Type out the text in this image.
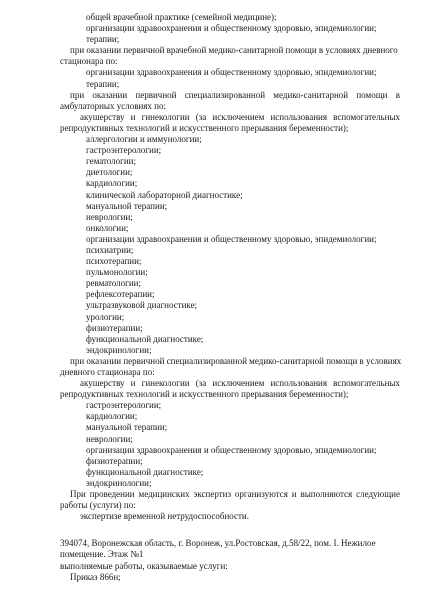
общей врачебной практике (семейной медицине);
организации здравоохранения и общественному здоровью, эпидемиологии;
терапии;
при оказании первичной врачебной медико-санитарной помощи в условиях дневного
стационара по:
организации здравоохранения и общественному здоровью, эпидемиологии;
терапии;
при оказании первичной специализированной медико-санитарной помощи в
амбулаторных условиях по:
акушерству и гинекологии (за исключением использования вспомогательных
репродуктивных технологий и искусственного прерывания беременности);
аллергологии и иммунологии;
гастроэнтерологии;
гематологии;
диетологии;
кардиологии;
клинической лабораторной диагностике;
мануальной терапии;
неврологии;
онкологии;
организации здравоохранения и общественному здоровью, эпидемиологии;
психиатрии;
психотерапии;
пульмонологии;
ревматологии;
рефлексотерапии;
ультразвуковой диагностике;
урологии;
физиотерапии;
функциональной диагностике;
эндокринологии;
при оказании первичной специализированной медико-санитарной помощи в условиях
дневного стационара по:
акушерству и гинекологии (за исключением использования вспомогательных
репродуктивных технологий и искусственного прерывания беременности);
гастроэнтерологии;
кардиологии;
мануальной терапии;
неврологии;
организации здравоохранения и общественному здоровью, эпидемиологии;
физиотерапии;
функциональной диагностике;
эндокринологии;
При проведении медицинских экспертиз организуются и выполняются следующие
работы (услуги) по:
экспертизе временной нетрудоспособности.
394074, Воронежская область, г. Воронеж, ул.Ростовская, д.58/22, пом. I. Нежилое
помещение. Этаж №1
выполняемые работы, оказываемые услуги:
Приказ 866н;
